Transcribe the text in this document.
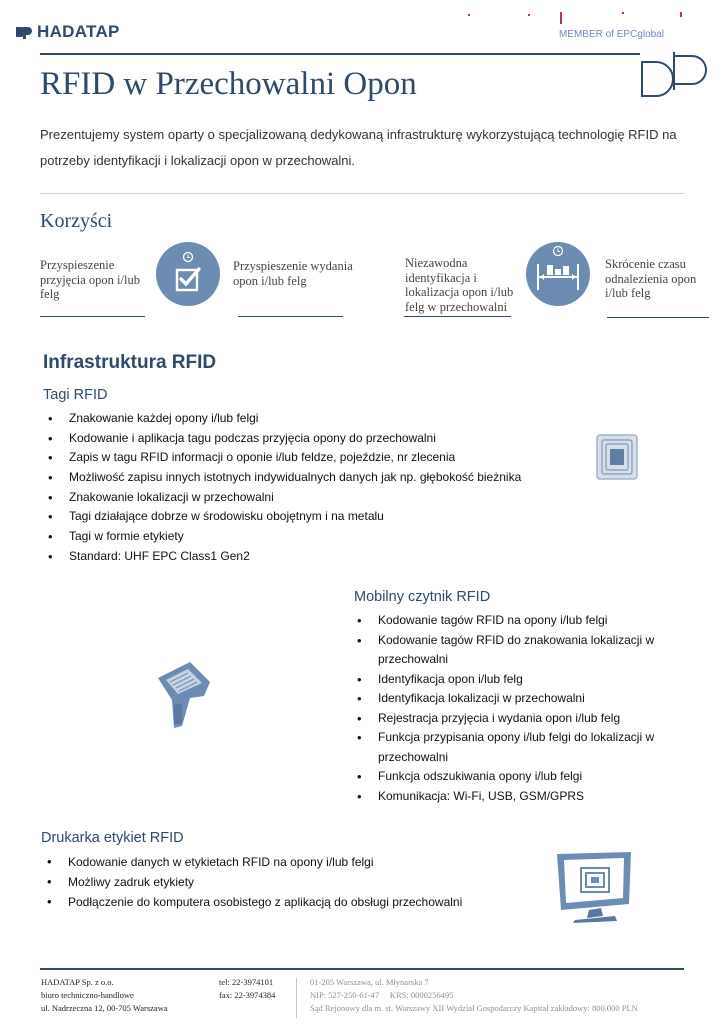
HADATAP	MEMBER of EPCglobal
RFID w Przechowalni Opon
Prezentujemy system oparty o specjalizowaną dedykowaną infrastrukturę wykorzystującą technologię RFID na potrzeby identyfikacji i lokalizacji opon w przechowalni.
Korzyści
Przyspieszenie przyjęcia opon i/lub felg
Przyspieszenie wydania opon i/lub felg
Niezawodna identyfikacja i lokalizacja opon i/lub felg w przechowalni
Skrócenie czasu odnalezienia opon i/lub felg
Infrastruktura RFID
Tagi RFID
• Znakowanie każdej opony i/lub felgi
• Kodowanie i aplikacja tagu podczas przyjęcia opony do przechowalni
• Zapis w tagu RFID informacji o oponie i/lub feldze, pojeździe, nr zlecenia
• Możliwość zapisu innych istotnych indywidualnych danych jak np. głębokość bieżnika
• Znakowanie lokalizacji w przechowalni
• Tagi działające dobrze w środowisku obojętnym i na metalu
• Tagi w formie etykiety
• Standard: UHF EPC Class1 Gen2
Mobilny czytnik RFID
• Kodowanie tagów RFID na opony i/lub felgi
• Kodowanie tagów RFID do znakowania lokalizacji w przechowalni
• Identyfikacja opon i/lub felg
• Identyfikacja lokalizacji w przechowalni
• Rejestracja przyjęcia i wydania opon i/lub felg
• Funkcja przypisania opony i/lub felgi do lokalizacji w przechowalni
• Funkcja odszukiwania opony i/lub felgi
• Komunikacja: Wi-Fi, USB, GSM/GPRS
Drukarka etykiet RFID
• Kodowanie danych w etykietach RFID na opony i/lub felgi
• Możliwy zadruk etykiety
• Podłączenie do komputera osobistego z aplikacją do obsługi przechowalni
HADATAP Sp. z o.o.
biuro techniczno-handlowe
ul. Nadrzeczna 12, 00-705 Warszawa
tel: 22-3974101
fax: 22-3974384
01-205 Warszawa, ul. Młynarska 7
NIP: 527-250-61-47 KRS: 0000256495
Sąd Rejonowy dla m. st. Warszawy XII Wydział Gospodarczy Kapitał zakładowy: 800.000 PLN
